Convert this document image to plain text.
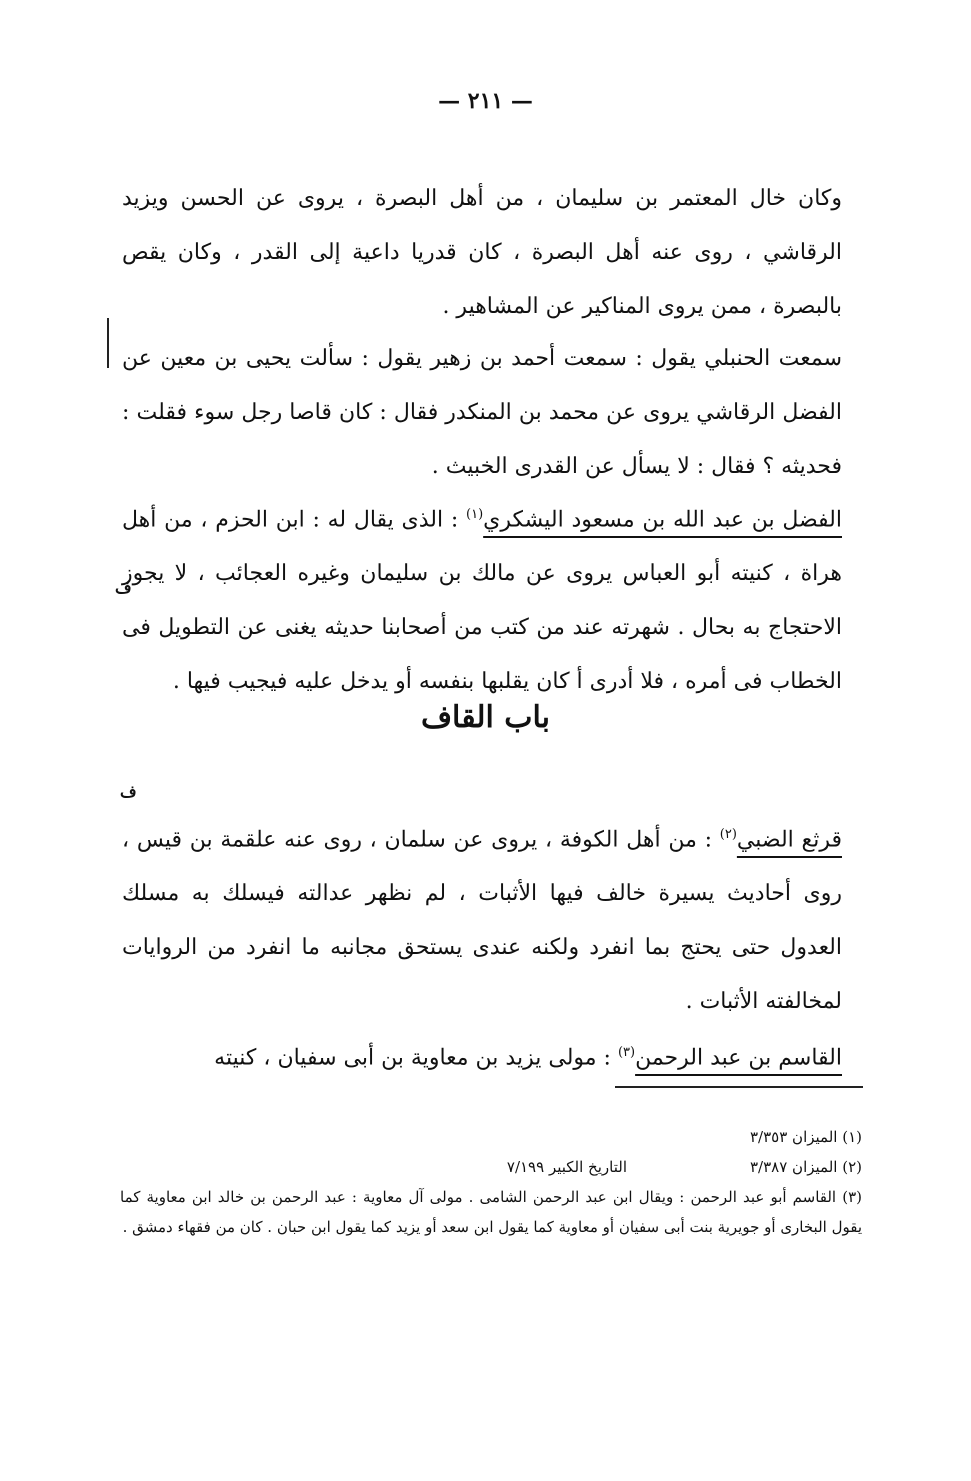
— ٢١١ —

وكان خال المعتمر بن سليمان ، من أهل البصرة ، يروى عن الحسن ويزيد الرقاشي ، روى عنه أهل البصرة ، كان قدريا داعية إلى القدر ، وكان يقص بالبصرة ، ممن يروى المناكير عن المشاهير .

سمعت الحنبلي يقول : سمعت أحمد بن زهير يقول : سألت يحيى بن معين عن الفضل الرقاشي يروى عن محمد بن المنكدر فقال : كان قاصا رجل سوء فقلت : فحديثه ؟ فقال : لا يسأل عن القدرى الخبيث .

الفضل بن عبد الله بن مسعود اليشكري$^{(١)}$ : الذى يقال له : ابن الحزم ، من أهل هراة ، كنيته أبو العباس يروى عن مالك بن سليمان وغيره العجائب ، لا يجوز الاحتجاج به بحال . شهرته عند من كتب من أصحابنا حديثه يغنى عن التطويل فى الخطاب فى أمره ، فلا أدرى أ كان يقلبها بنفسه أو يدخل عليه فيجيب فيها .

ف
باب القاف
ف

قرثع الضبي$^{(٢)}$ : من أهل الكوفة ، يروى عن سلمان ، روى عنه علقمة بن قيس ، روى أحاديث يسيرة خالف فيها الأثبات ، لم نظهر عدالته فيسلك به مسلك العدول حتى يحتج بما انفرد ولكنه عندى يستحق مجانبه ما انفرد من الروايات لمخالفته الأثبات .

القاسم بن عبد الرحمن$^{(٣)}$ : مولى يزيد بن معاوية بن أبى سفيان ، كنيته

(١) الميزان ٣/٣٥٣
(٢) الميزان ٣/٣٨٧
التاريخ الكبير ٧/١٩٩
(٣) القاسم أبو عبد الرحمن : ويقال ابن عبد الرحمن الشامى . مولى آل معاوية : عبد الرحمن بن خالد ابن معاوية كما يقول البخارى أو جويرية بنت أبى سفيان أو معاوية كما يقول ابن سعد أو يزيد كما يقول ابن حبان . كان من فقهاء دمشق .
